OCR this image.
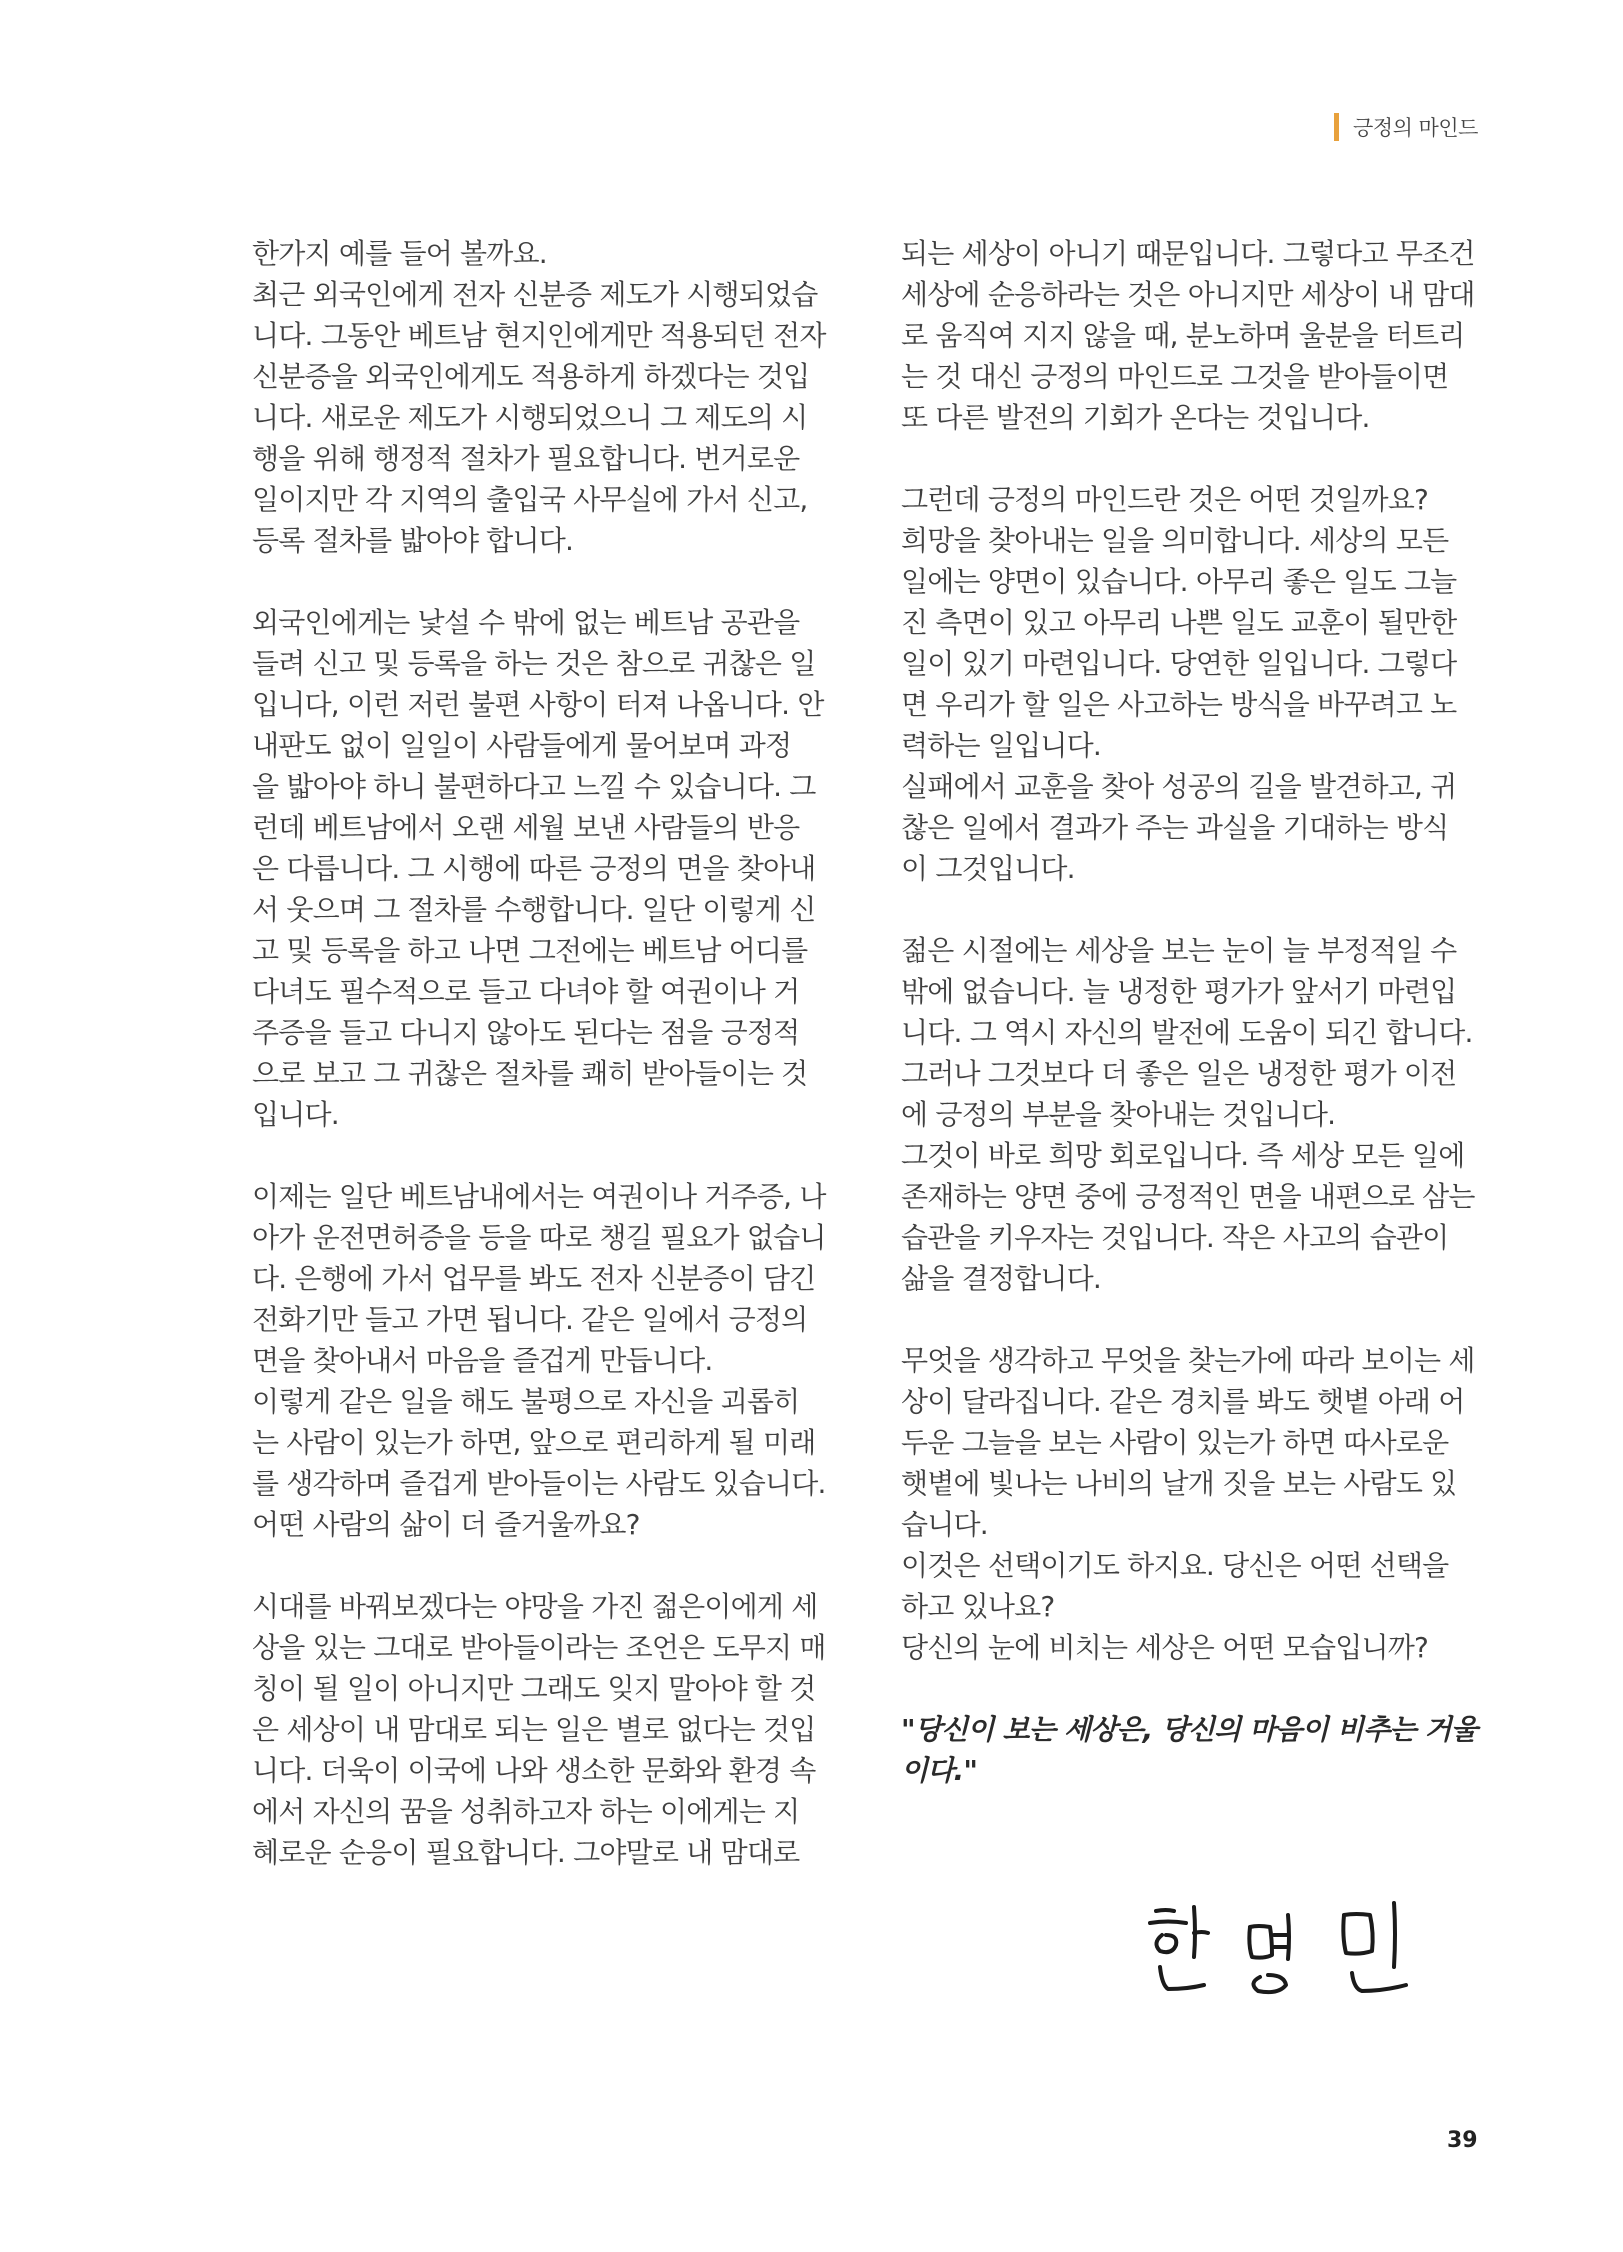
긍정의 마인드
한가지 예를 들어 볼까요.
최근 외국인에게 전자 신분증 제도가 시행되었습
니다. 그동안 베트남 현지인에게만 적용되던 전자
신분증을 외국인에게도 적용하게 하겠다는 것입
니다. 새로운 제도가 시행되었으니 그 제도의 시
행을 위해 행정적 절차가 필요합니다. 번거로운
일이지만 각 지역의 출입국 사무실에 가서 신고,
등록 절차를 밟아야 합니다.
외국인에게는 낯설 수 밖에 없는 베트남 공관을
들려 신고 및 등록을 하는 것은 참으로 귀찮은 일
입니다, 이런 저런 불편 사항이 터져 나옵니다. 안
내판도 없이 일일이 사람들에게 물어보며 과정
을 밟아야 하니 불편하다고 느낄 수 있습니다. 그
런데 베트남에서 오랜 세월 보낸 사람들의 반응
은 다릅니다. 그 시행에 따른 긍정의 면을 찾아내
서 웃으며 그 절차를 수행합니다. 일단 이렇게 신
고 및 등록을 하고 나면 그전에는 베트남 어디를
다녀도 필수적으로 들고 다녀야 할 여권이나 거
주증을 들고 다니지 않아도 된다는 점을 긍정적
으로 보고 그 귀찮은 절차를 쾌히 받아들이는 것
입니다.
이제는 일단 베트남내에서는 여권이나 거주증, 나
아가 운전면허증을 등을 따로 챙길 필요가 없습니
다. 은행에 가서 업무를 봐도 전자 신분증이 담긴
전화기만 들고 가면 됩니다. 같은 일에서 긍정의
면을 찾아내서 마음을 즐겁게 만듭니다.
이렇게 같은 일을 해도 불평으로 자신을 괴롭히
는 사람이 있는가 하면, 앞으로 편리하게 될 미래
를 생각하며 즐겁게 받아들이는 사람도 있습니다.
어떤 사람의 삶이 더 즐거울까요?
시대를 바꿔보겠다는 야망을 가진 젊은이에게 세
상을 있는 그대로 받아들이라는 조언은 도무지 매
칭이 될 일이 아니지만 그래도 잊지 말아야 할 것
은 세상이 내 맘대로 되는 일은 별로 없다는 것입
니다. 더욱이 이국에 나와 생소한 문화와 환경 속
에서 자신의 꿈을 성취하고자 하는 이에게는 지
혜로운 순응이 필요합니다. 그야말로 내 맘대로
되는 세상이 아니기 때문입니다. 그렇다고 무조건
세상에 순응하라는 것은 아니지만 세상이 내 맘대
로 움직여 지지 않을 때, 분노하며 울분을 터트리
는 것 대신 긍정의 마인드로 그것을 받아들이면
또 다른 발전의 기회가 온다는 것입니다.
그런데 긍정의 마인드란 것은 어떤 것일까요?
희망을 찾아내는 일을 의미합니다. 세상의 모든
일에는 양면이 있습니다. 아무리 좋은 일도 그늘
진 측면이 있고 아무리 나쁜 일도 교훈이 될만한
일이 있기 마련입니다. 당연한 일입니다. 그렇다
면 우리가 할 일은 사고하는 방식을 바꾸려고 노
력하는 일입니다.
실패에서 교훈을 찾아 성공의 길을 발견하고, 귀
찮은 일에서 결과가 주는 과실을 기대하는 방식
이 그것입니다.
젊은 시절에는 세상을 보는 눈이 늘 부정적일 수
밖에 없습니다. 늘 냉정한 평가가 앞서기 마련입
니다. 그 역시 자신의 발전에 도움이 되긴 합니다.
그러나 그것보다 더 좋은 일은 냉정한 평가 이전
에 긍정의 부분을 찾아내는 것입니다.
그것이 바로 희망 회로입니다. 즉 세상 모든 일에
존재하는 양면 중에 긍정적인 면을 내편으로 삼는
습관을 키우자는 것입니다. 작은 사고의 습관이
삶을 결정합니다.
무엇을 생각하고 무엇을 찾는가에 따라 보이는 세
상이 달라집니다. 같은 경치를 봐도 햇볕 아래 어
두운 그늘을 보는 사람이 있는가 하면 따사로운
햇볕에 빛나는 나비의 날개 짓을 보는 사람도 있
습니다.
이것은 선택이기도 하지요. 당신은 어떤 선택을
하고 있나요?
당신의 눈에 비치는 세상은 어떤 모습입니까?
"당신이 보는 세상은, 당신의 마음이 비추는 거울
이다."
39
